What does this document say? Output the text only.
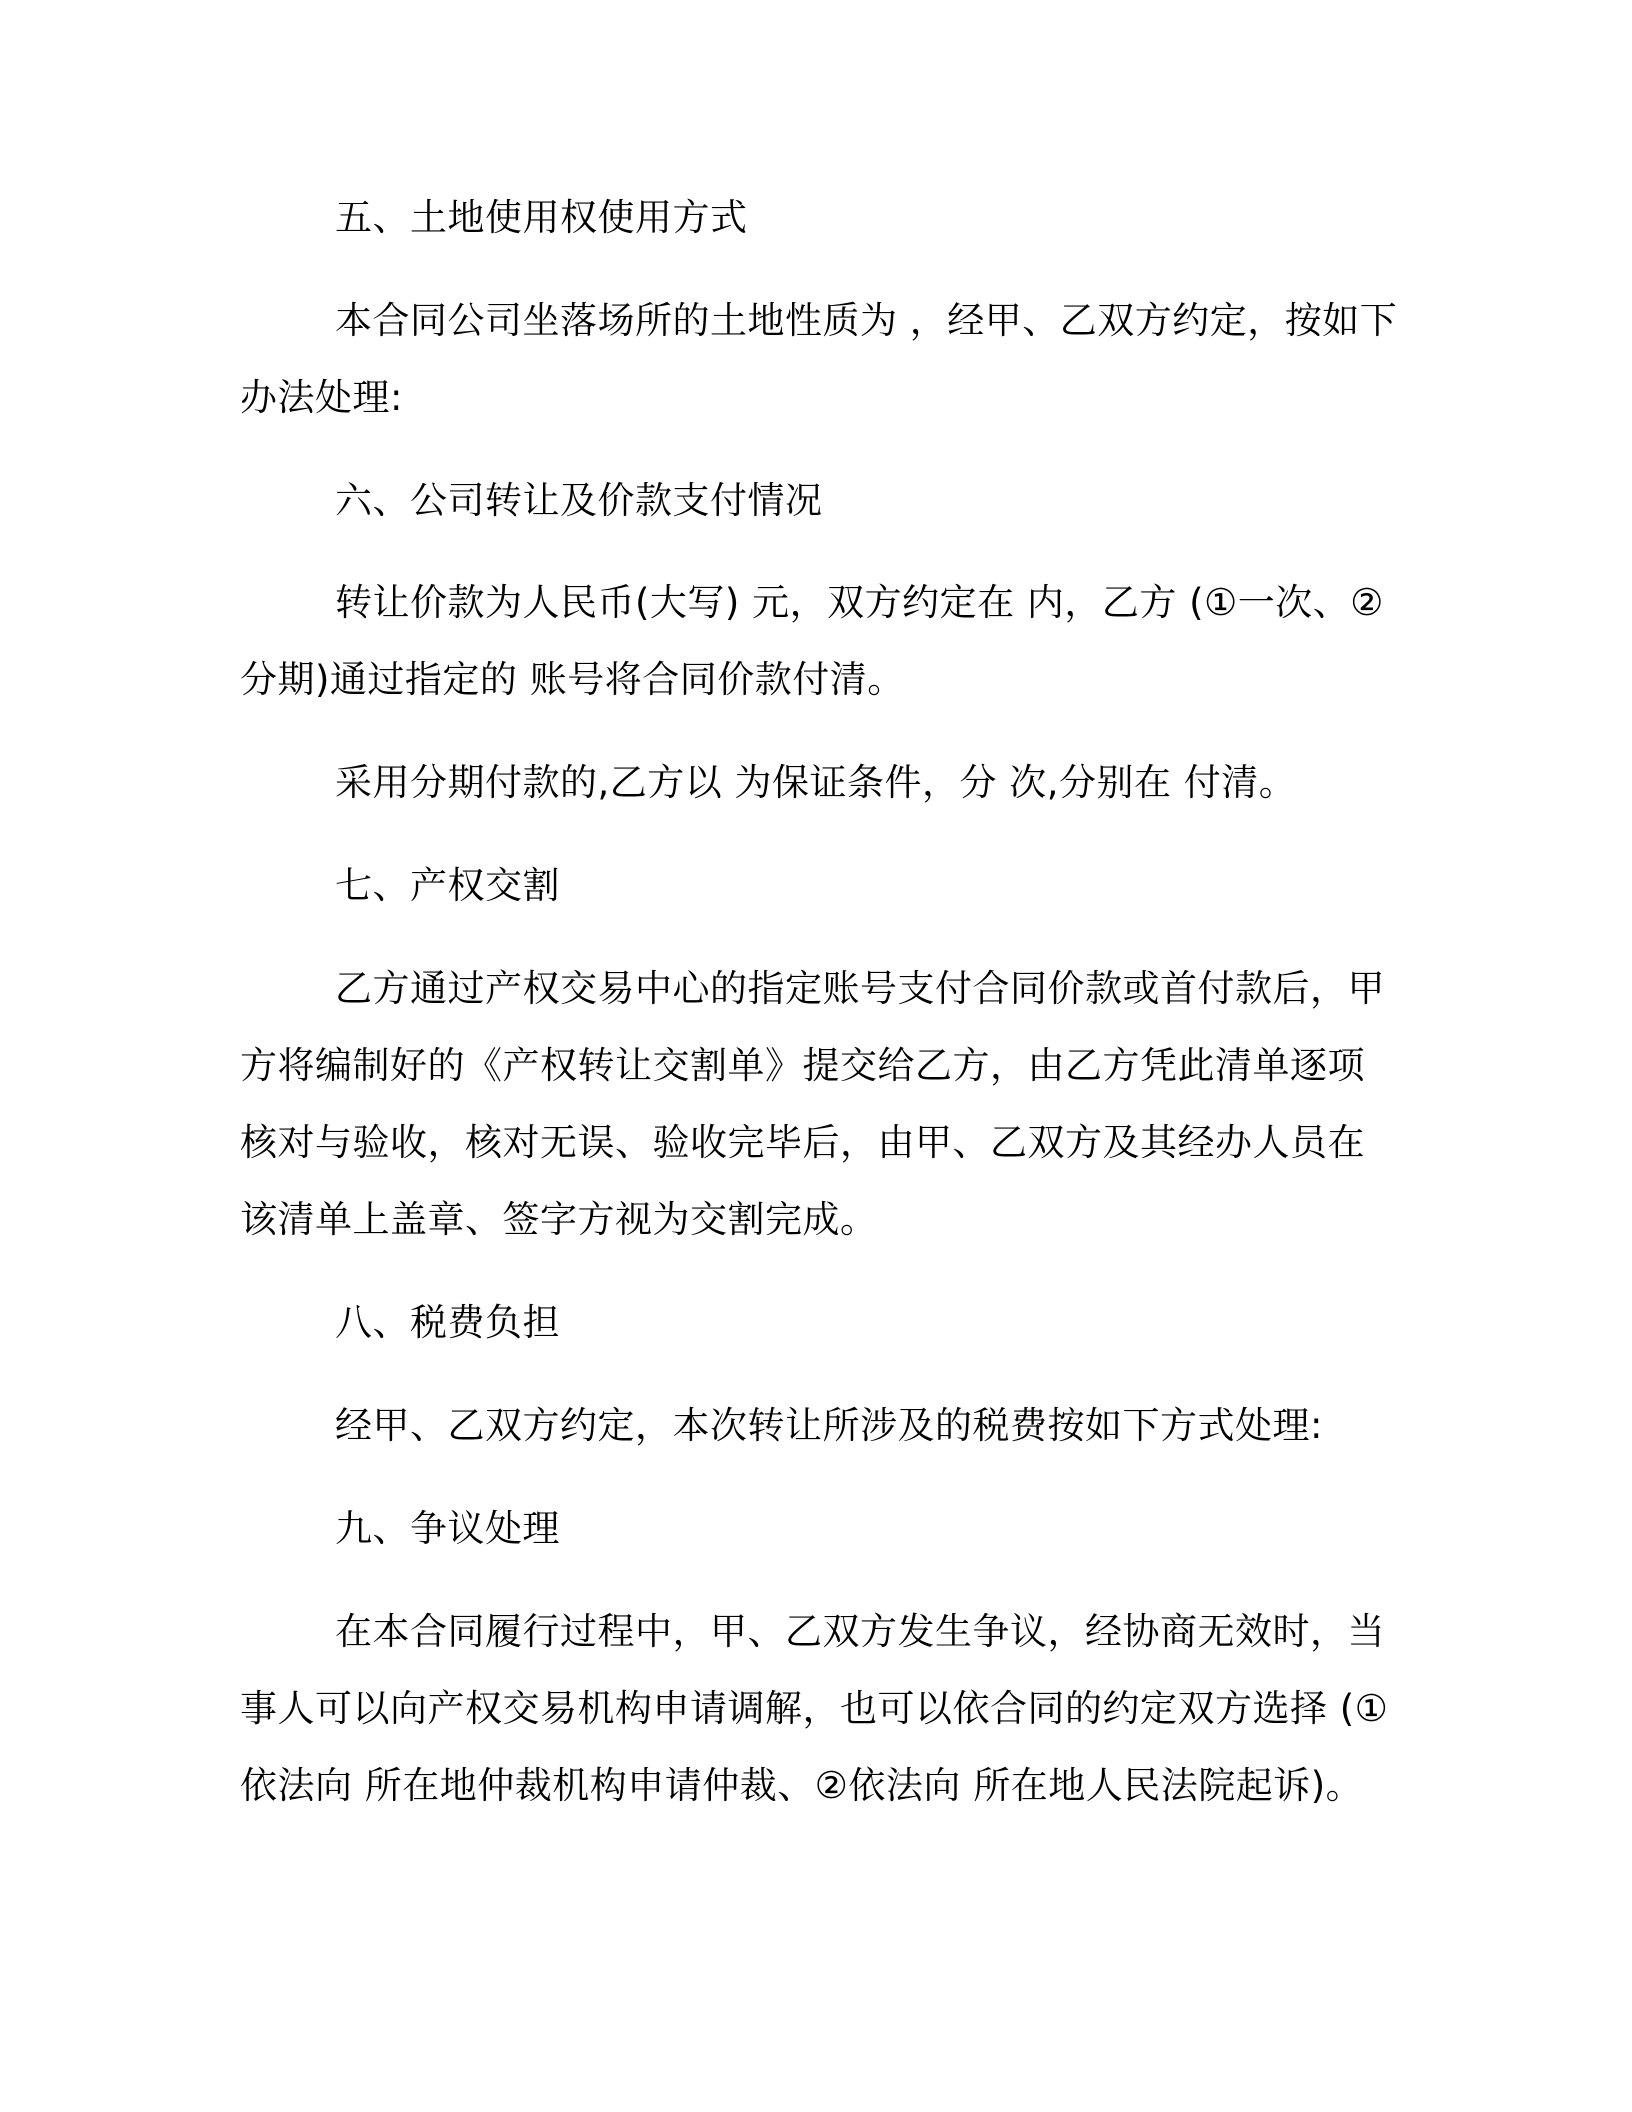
五、土地使用权使用方式
本合同公司坐落场所的土地性质为 ，经甲、乙双方约定，按如下
办法处理:
六、公司转让及价款支付情况
转让价款为人民币(大写) 元，双方约定在 内，乙方 (①一次、②
分期)通过指定的 账号将合同价款付清。
采用分期付款的,乙方以 为保证条件，分 次,分别在 付清。
七、产权交割
乙方通过产权交易中心的指定账号支付合同价款或首付款后，甲
方将编制好的《产权转让交割单》提交给乙方，由乙方凭此清单逐项
核对与验收，核对无误、验收完毕后，由甲、乙双方及其经办人员在
该清单上盖章、签字方视为交割完成。
八、税费负担
经甲、乙双方约定，本次转让所涉及的税费按如下方式处理:
九、争议处理
在本合同履行过程中，甲、乙双方发生争议，经协商无效时，当
事人可以向产权交易机构申请调解，也可以依合同的约定双方选择 (①
依法向 所在地仲裁机构申请仲裁、②依法向 所在地人民法院起诉)。
